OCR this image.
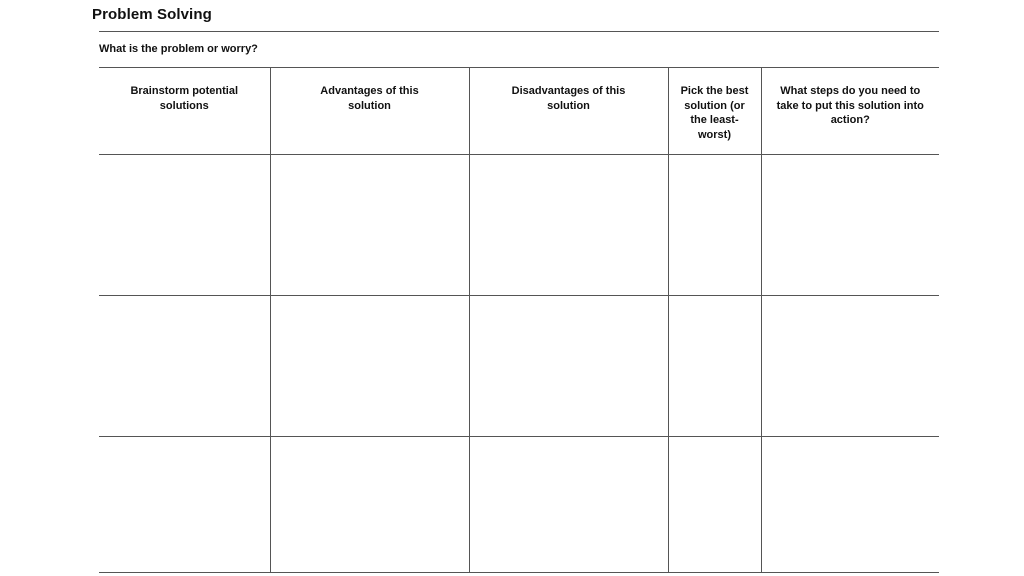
Problem Solving
What is the problem or worry?
Brainstorm potential solutions	Advantages of this solution	Disadvantages of this solution	Pick the best solution (or the least-worst)	What steps do you need to take to put this solution into action?
